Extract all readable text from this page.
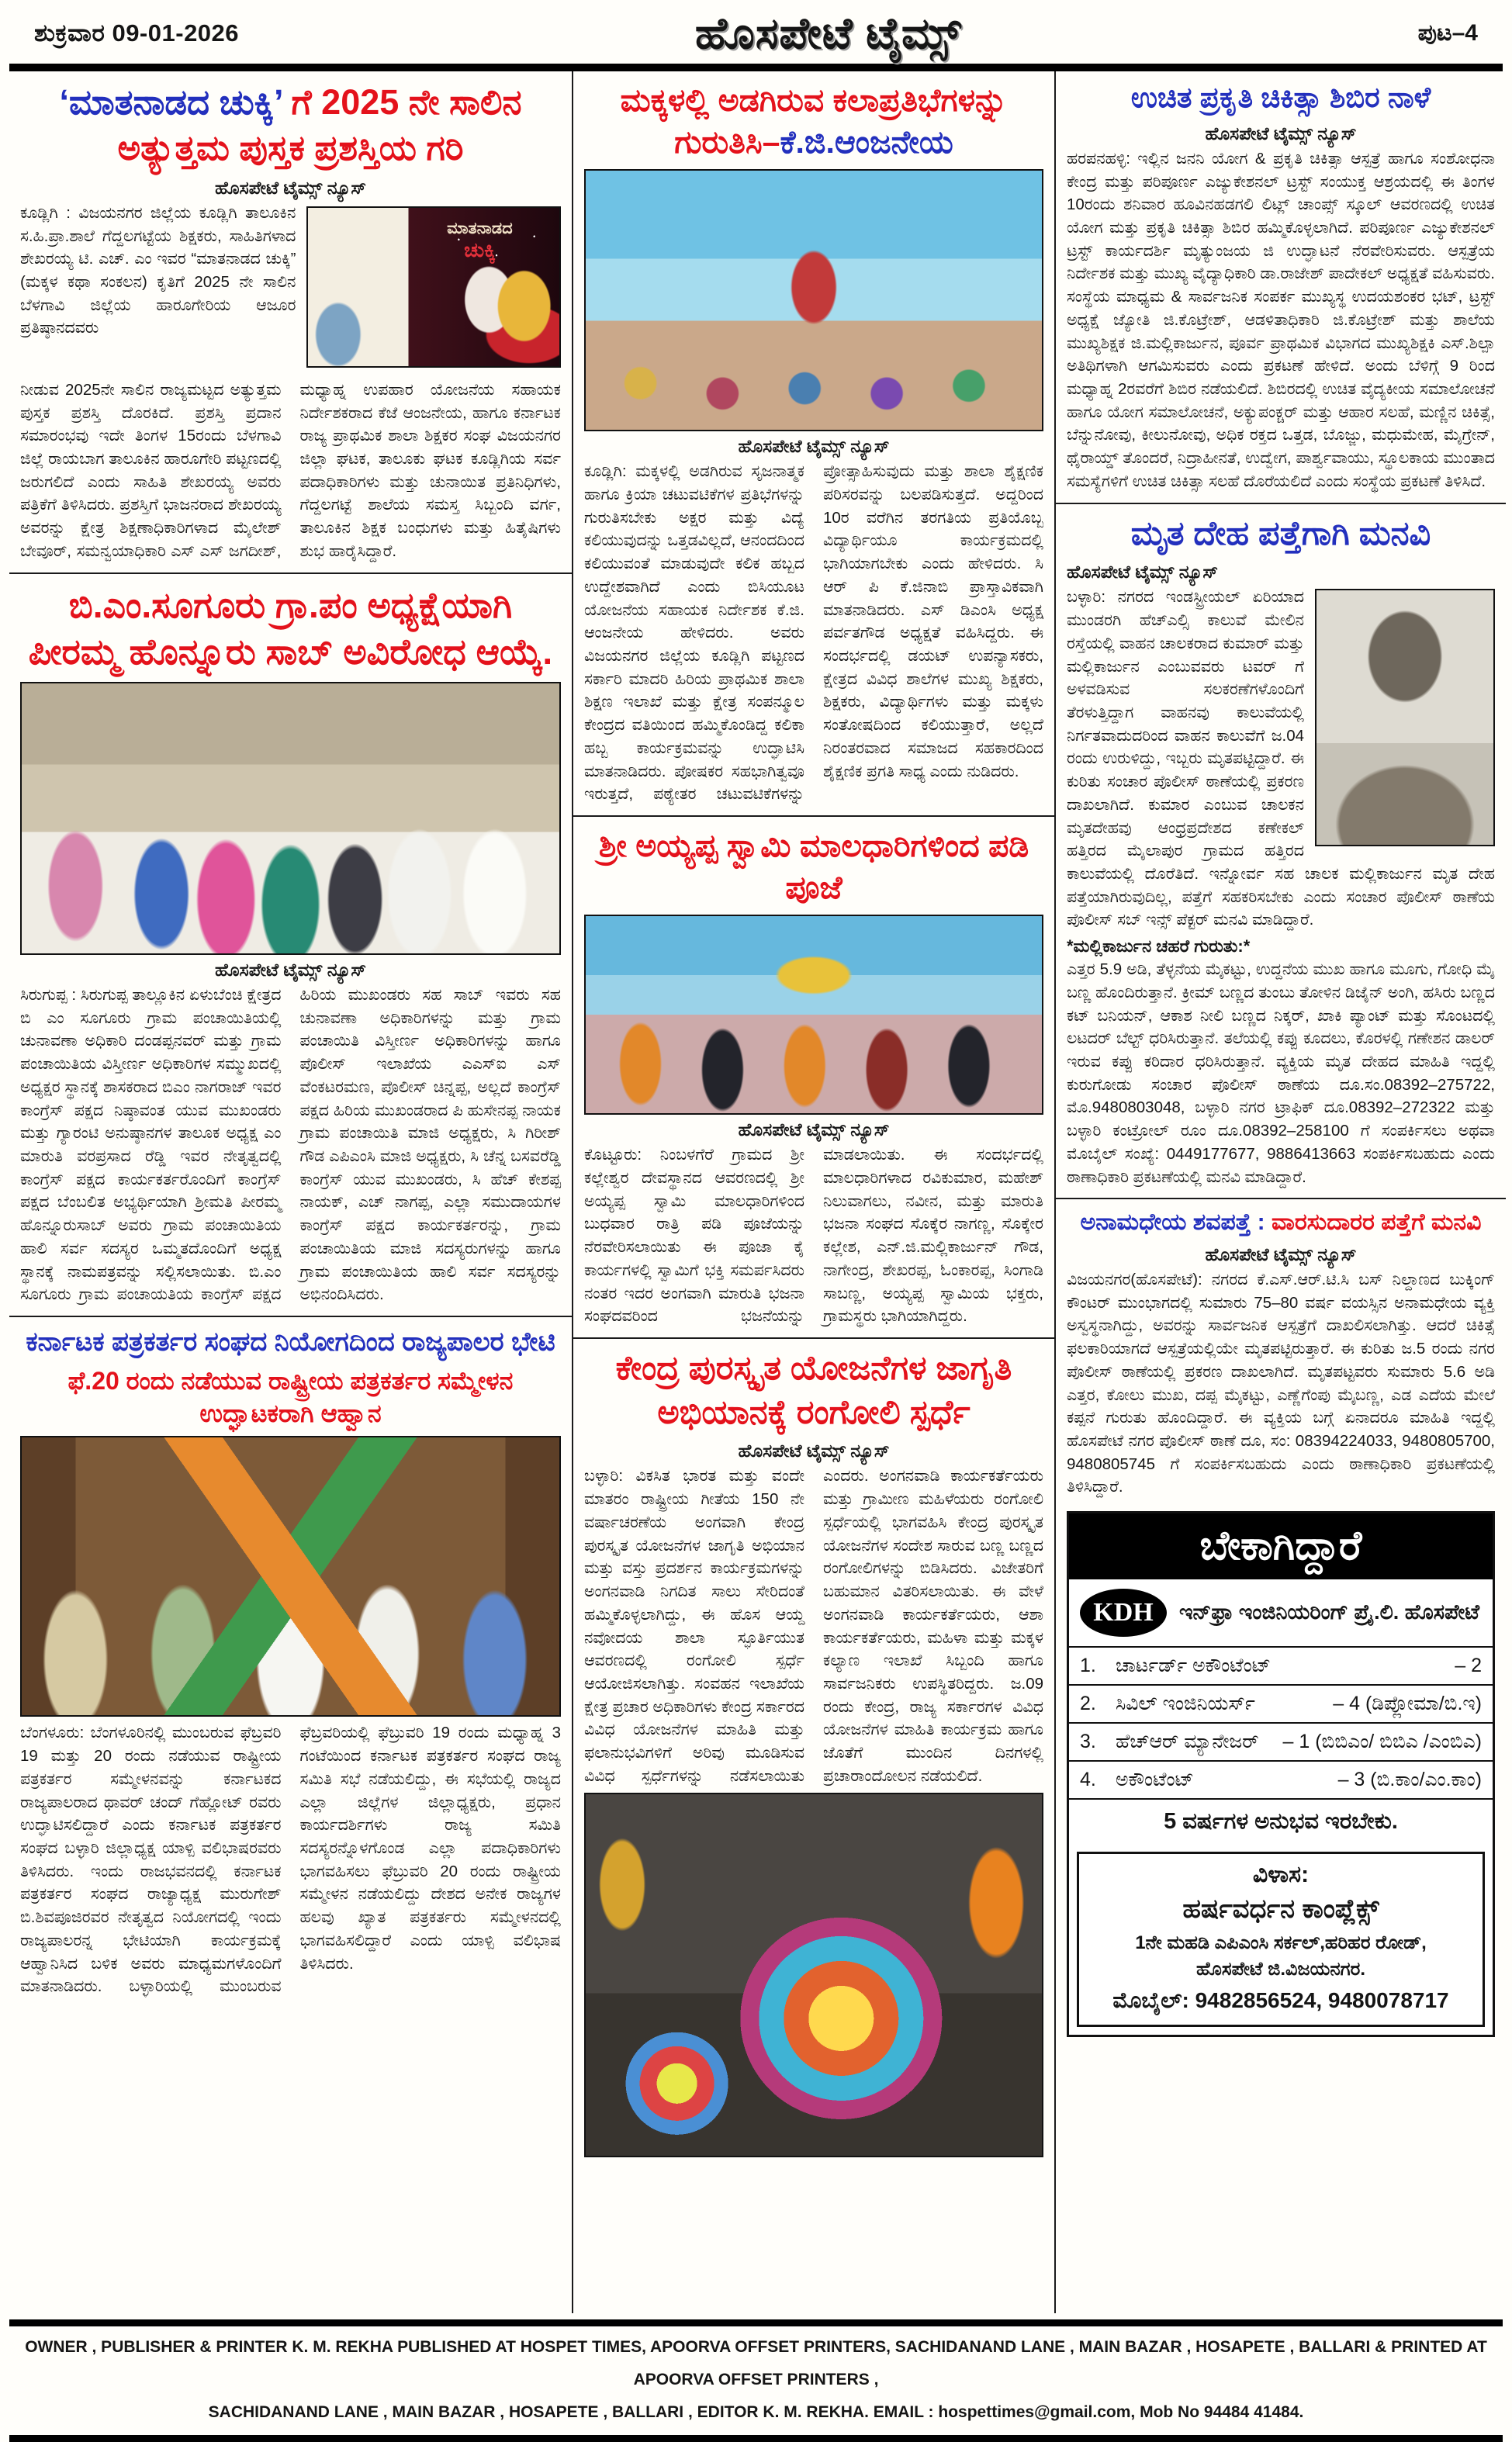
ಶುಕ್ರವಾರ 09-01-2026	ಹೊಸಪೇಟೆ ಟೈಮ್ಸ್	ಪುಟ–4
‘ಮಾತನಾಡದ ಚುಕ್ಕಿ’ ಗೆ 2025 ನೇ ಸಾಲಿನ ಅತ್ಯುತ್ತಮ ಪುಸ್ತಕ ಪ್ರಶಸ್ತಿಯ ಗರಿ
ಹೊಸಪೇಟೆ ಟೈಮ್ಸ್ ನ್ಯೂಸ್
ಕೂಡ್ಲಿಗಿ : ವಿಜಯನಗರ ಜಿಲ್ಲೆಯ ಕೂಡ್ಲಿಗಿ ತಾಲೂಕಿನ ಸ.ಹಿ.ಪ್ರಾ.ಶಾಲೆ ಗೆದ್ದಲಗಟ್ಟೆಯ ಶಿಕ್ಷಕರು, ಸಾಹಿತಿಗಳಾದ ಶೇಖರಯ್ಯ ಟಿ. ಎಚ್. ಎಂ ಇವರ “ಮಾತನಾಡದ ಚುಕ್ಕಿ” (ಮಕ್ಕಳ ಕಥಾ ಸಂಕಲನ) ಕೃತಿಗೆ 2025 ನೇ ಸಾಲಿನ ಬೆಳಗಾವಿ ಜಿಲ್ಲೆಯ ಹಾರೂಗೇರಿಯ ಆಜೂರ ಪ್ರತಿಷ್ಠಾನದವರು
ಮಾತನಾಡದ
ಚುಕ್ಕಿ
ನೀಡುವ 2025ನೇ ಸಾಲಿನ ರಾಜ್ಯಮಟ್ಟದ ಅತ್ಯುತ್ತಮ ಪುಸ್ತಕ ಪ್ರಶಸ್ತಿ ದೊರಕಿದೆ. ಪ್ರಶಸ್ತಿ ಪ್ರದಾನ ಸಮಾರಂಭವು ಇದೇ ತಿಂಗಳ 15ರಂದು ಬೆಳಗಾವಿ ಜಿಲ್ಲೆ ರಾಯಬಾಗ ತಾಲೂಕಿನ ಹಾರೂಗೇರಿ ಪಟ್ಟಣದಲ್ಲಿ ಜರುಗಲಿದೆ ಎಂದು ಸಾಹಿತಿ ಶೇಖರಯ್ಯ ಅವರು ಪತ್ರಿಕೆಗೆ ತಿಳಿಸಿದರು. ಪ್ರಶಸ್ತಿಗೆ ಭಾಜನರಾದ ಶೇಖರಯ್ಯ ಅವರನ್ನು ಕ್ಷೇತ್ರ ಶಿಕ್ಷಣಾಧಿಕಾರಿಗಳಾದ ಮೈಲೇಶ್ ಬೇವೂರ್, ಸಮನ್ವಯಾಧಿಕಾರಿ ಎಸ್ ಎಸ್ ಜಗದೀಶ್, ಮಧ್ಯಾಹ್ನ ಉಪಹಾರ ಯೋಜನೆಯ ಸಹಾಯಕ ನಿರ್ದೇಶಕರಾದ ಕೆಜೆ ಆಂಜನೇಯ, ಹಾಗೂ ಕರ್ನಾಟಕ ರಾಜ್ಯ ಪ್ರಾಥಮಿಕ ಶಾಲಾ ಶಿಕ್ಷಕರ ಸಂಘ ವಿಜಯನಗರ ಜಿಲ್ಲಾ ಘಟಕ, ತಾಲೂಕು ಘಟಕ ಕೂಡ್ಲಿಗಿಯ ಸರ್ವ ಪದಾಧಿಕಾರಿಗಳು ಮತ್ತು ಚುನಾಯಿತ ಪ್ರತಿನಿಧಿಗಳು, ಗೆದ್ದಲಗಟ್ಟೆ ಶಾಲೆಯ ಸಮಸ್ತ ಸಿಬ್ಬಂದಿ ವರ್ಗ, ತಾಲೂಕಿನ ಶಿಕ್ಷಕ ಬಂಧುಗಳು ಮತ್ತು ಹಿತೈಷಿಗಳು ಶುಭ ಹಾರೈಸಿದ್ದಾರೆ.
ಬಿ.ಎಂ.ಸೂಗೂರು ಗ್ರಾ.ಪಂ ಅಧ್ಯಕ್ಷೆಯಾಗಿ ಪೀರಮ್ಮ ಹೊನ್ನೂರು ಸಾಬ್ ಅವಿರೋಧ ಆಯ್ಕೆ.
ಹೊಸಪೇಟೆ ಟೈಮ್ಸ್ ನ್ಯೂಸ್
ಸಿರುಗುಪ್ಪ : ಸಿರುಗುಪ್ಪ ತಾಲ್ಲೂಕಿನ ಏಳುಬೆಂಚಿ ಕ್ಷೇತ್ರದ ಬಿ ಎಂ ಸೂಗೂರು ಗ್ರಾಮ ಪಂಚಾಯಿತಿಯಲ್ಲಿ ಚುನಾವಣಾ ಅಧಿಕಾರಿ ದಂಡಪ್ಪನವರ್ ಮತ್ತು ಗ್ರಾಮ ಪಂಚಾಯಿತಿಯ ವಿಸ್ತೀರ್ಣ ಅಧಿಕಾರಿಗಳ ಸಮ್ಮುಖದಲ್ಲಿ ಅಧ್ಯಕ್ಷರ ಸ್ಥಾನಕ್ಕೆ ಶಾಸಕರಾದ ಬಿಎಂ ನಾಗರಾಜ್ ಇವರ ಕಾಂಗ್ರೆಸ್ ಪಕ್ಷದ ನಿಷ್ಠಾವಂತ ಯುವ ಮುಖಂಡರು ಮತ್ತು ಗ್ಯಾರಂಟಿ ಅನುಷ್ಠಾನಗಳ ತಾಲೂಕ ಅಧ್ಯಕ್ಷ ಎಂ ಮಾರುತಿ ವರಪ್ರಸಾದ ರೆಡ್ಡಿ ಇವರ ನೇತೃತ್ವದಲ್ಲಿ ಕಾಂಗ್ರೆಸ್ ಪಕ್ಷದ ಕಾರ್ಯಕರ್ತರೊಂದಿಗೆ ಕಾಂಗ್ರೆಸ್ ಪಕ್ಷದ ಬೆಂಬಲಿತ ಅಭ್ಯರ್ಥಿಯಾಗಿ ಶ್ರೀಮತಿ ಪೀರಮ್ಮ ಹೊನ್ನೂರುಸಾಬ್ ಅವರು ಗ್ರಾಮ ಪಂಚಾಯಿತಿಯ ಹಾಲಿ ಸರ್ವ ಸದಸ್ಯರ ಒಮ್ಮತದೊಂದಿಗೆ ಅಧ್ಯಕ್ಷ ಸ್ಥಾನಕ್ಕೆ ನಾಮಪತ್ರವನ್ನು ಸಲ್ಲಿಸಲಾಯಿತು. ಬಿ.ಎಂ ಸೂಗೂರು ಗ್ರಾಮ ಪಂಚಾಯತಿಯ ಕಾಂಗ್ರೆಸ್ ಪಕ್ಷದ ಹಿರಿಯ ಮುಖಂಡರು ಸಹ ಸಾಬ್ ಇವರು ಸಹ ಚುನಾವಣಾ ಅಧಿಕಾರಿಗಳನ್ನು ಮತ್ತು ಗ್ರಾಮ ಪಂಚಾಯಿತಿ ವಿಸ್ತೀರ್ಣ ಅಧಿಕಾರಿಗಳನ್ನು ಹಾಗೂ ಪೊಲೀಸ್ ಇಲಾಖೆಯ ಎಎಸ್ಐ ಎಸ್ ವೆಂಕಟರಮಣ, ಪೊಲೀಸ್ ಚಿನ್ನಪ್ಪ, ಅಲ್ಲದೆ ಕಾಂಗ್ರೆಸ್ ಪಕ್ಷದ ಹಿರಿಯ ಮುಖಂಡರಾದ ಪಿ ಹುಸೇನಪ್ಪ ನಾಯಕ ಗ್ರಾಮ ಪಂಚಾಯಿತಿ ಮಾಜಿ ಅಧ್ಯಕ್ಷರು, ಸಿ ಗಿರೀಶ್ ಗೌಡ ಎಪಿಎಂಸಿ ಮಾಜಿ ಅಧ್ಯಕ್ಷರು, ಸಿ ಚೆನ್ನ ಬಸವರೆಡ್ಡಿ ಕಾಂಗ್ರೆಸ್ ಯುವ ಮುಖಂಡರು, ಸಿ ಹೆಚ್ ಕೇಶಪ್ಪ ನಾಯಕ್, ಎಚ್ ನಾಗಪ್ಪ, ಎಲ್ಲಾ ಸಮುದಾಯಗಳ ಕಾಂಗ್ರೆಸ್ ಪಕ್ಷದ ಕಾರ್ಯಕರ್ತರನ್ನು, ಗ್ರಾಮ ಪಂಚಾಯಿತಿಯ ಮಾಜಿ ಸದಸ್ಯರುಗಳನ್ನು ಹಾಗೂ ಗ್ರಾಮ ಪಂಚಾಯಿತಿಯ ಹಾಲಿ ಸರ್ವ ಸದಸ್ಯರನ್ನು ಅಭಿನಂದಿಸಿದರು.
ಕರ್ನಾಟಕ ಪತ್ರಕರ್ತರ ಸಂಘದ ನಿಯೋಗದಿಂದ ರಾಜ್ಯಪಾಲರ ಭೇಟಿ
ಫೆ.20 ರಂದು ನಡೆಯುವ ರಾಷ್ಟ್ರೀಯ ಪತ್ರಕರ್ತರ ಸಮ್ಮೇಳನ ಉದ್ಘಾಟಕರಾಗಿ ಆಹ್ವಾನ
ಬೆಂಗಳೂರು: ಬೆಂಗಳೂರಿನಲ್ಲಿ ಮುಂಬರುವ ಫೆಬ್ರವರಿ 19 ಮತ್ತು 20 ರಂದು ನಡೆಯುವ ರಾಷ್ಟ್ರೀಯ ಪತ್ರಕರ್ತರ ಸಮ್ಮೇಳನವನ್ನು ಕರ್ನಾಟಕದ ರಾಜ್ಯಪಾಲರಾದ ಥಾವರ್ ಚಂದ್ ಗೆಹ್ಲೋಟ್ ರವರು ಉದ್ಘಾಟಿಸಲಿದ್ದಾರೆ ಎಂದು ಕರ್ನಾಟಕ ಪತ್ರಕರ್ತರ ಸಂಘದ ಬಳ್ಳಾರಿ ಜಿಲ್ಲಾಧ್ಯಕ್ಷ ಯಾಳ್ಪಿ ವಲಿಭಾಷರವರು ತಿಳಿಸಿದರು. ಇಂದು ರಾಜಭವನದಲ್ಲಿ ಕರ್ನಾಟಕ ಪತ್ರಕರ್ತರ ಸಂಘದ ರಾಜ್ಯಾಧ್ಯಕ್ಷ ಮುರುಗೇಶ್ ಬಿ.ಶಿವಪೂಜಿರವರ ನೇತೃತ್ವದ ನಿಯೋಗದಲ್ಲಿ ಇಂದು ರಾಜ್ಯಪಾಲರನ್ನ ಭೇಟಿಯಾಗಿ ಕಾರ್ಯಕ್ರಮಕ್ಕೆ ಆಹ್ವಾನಿಸಿದ ಬಳಿಕ ಅವರು ಮಾಧ್ಯಮಗಳೊಂದಿಗೆ ಮಾತನಾಡಿದರು. ಬಳ್ಳಾರಿಯಲ್ಲಿ ಮುಂಬರುವ ಫೆಬ್ರವರಿಯಲ್ಲಿ ಫೆಬ್ರುವರಿ 19 ರಂದು ಮಧ್ಯಾಹ್ನ 3 ಗಂಟೆಯಿಂದ ಕರ್ನಾಟಕ ಪತ್ರಕರ್ತರ ಸಂಘದ ರಾಜ್ಯ ಸಮಿತಿ ಸಭೆ ನಡೆಯಲಿದ್ದು, ಈ ಸಭೆಯಲ್ಲಿ ರಾಜ್ಯದ ಎಲ್ಲಾ ಜಿಲ್ಲೆಗಳ ಜಿಲ್ಲಾಧ್ಯಕ್ಷರು, ಪ್ರಧಾನ ಕಾರ್ಯದರ್ಶಿಗಳು ರಾಜ್ಯ ಸಮಿತಿ ಸದಸ್ಯರನ್ನೊಳಗೊಂಡ ಎಲ್ಲಾ ಪದಾಧಿಕಾರಿಗಳು ಭಾಗವಹಿಸಲು ಫೆಬ್ರುವರಿ 20 ರಂದು ರಾಷ್ಟ್ರೀಯ ಸಮ್ಮೇಳನ ನಡೆಯಲಿದ್ದು ದೇಶದ ಅನೇಕ ರಾಜ್ಯಗಳ ಹಲವು ಖ್ಯಾತ ಪತ್ರಕರ್ತರು ಸಮ್ಮೇಳನದಲ್ಲಿ ಭಾಗವಹಿಸಲಿದ್ದಾರೆ ಎಂದು ಯಾಳ್ಪಿ ವಲಿಭಾಷ ತಿಳಿಸಿದರು.
ಮಕ್ಕಳಲ್ಲಿ ಅಡಗಿರುವ ಕಲಾಪ್ರತಿಭೆಗಳನ್ನು ಗುರುತಿಸಿ–ಕೆ.ಜಿ.ಆಂಜನೇಯ
ಹೊಸಪೇಟೆ ಟೈಮ್ಸ್ ನ್ಯೂಸ್
ಕೂಡ್ಲಿಗಿ: ಮಕ್ಕಳಲ್ಲಿ ಅಡಗಿರುವ ಸೃಜನಾತ್ಮಕ ಹಾಗೂ ಕ್ರಿಯಾ ಚಟುವಟಿಕೆಗಳ ಪ್ರತಿಭೆಗಳನ್ನು ಗುರುತಿಸಬೇಕು ಅಕ್ಷರ ಮತ್ತು ವಿದ್ಯೆ ಕಲಿಯುವುದನ್ನು ಒತ್ತಡವಿಲ್ಲದೆ, ಆನಂದದಿಂದ ಕಲಿಯುವಂತೆ ಮಾಡುವುದೇ ಕಲಿಕ ಹಬ್ಬದ ಉದ್ದೇಶವಾಗಿದೆ ಎಂದು ಬಿಸಿಯೂಟ ಯೋಜನೆಯ ಸಹಾಯಕ ನಿರ್ದೇಶಕ ಕೆ.ಜಿ. ಆಂಜನೇಯ ಹೇಳಿದರು. ಅವರು ವಿಜಯನಗರ ಜಿಲ್ಲೆಯ ಕೂಡ್ಲಿಗಿ ಪಟ್ಟಣದ ಸರ್ಕಾರಿ ಮಾದರಿ ಹಿರಿಯ ಪ್ರಾಥಮಿಕ ಶಾಲಾ ಶಿಕ್ಷಣ ಇಲಾಖೆ ಮತ್ತು ಕ್ಷೇತ್ರ ಸಂಪನ್ಮೂಲ ಕೇಂದ್ರದ ವತಿಯಿಂದ ಹಮ್ಮಿಕೊಂಡಿದ್ದ ಕಲಿಕಾ ಹಬ್ಬ ಕಾರ್ಯಕ್ರಮವನ್ನು ಉದ್ಘಾಟಿಸಿ ಮಾತನಾಡಿದರು. ಪೋಷಕರ ಸಹಭಾಗಿತ್ವವೂ ಇರುತ್ತದೆ, ಪಠ್ಯೇತರ ಚಟುವಟಿಕೆಗಳನ್ನು ಪ್ರೋತ್ಸಾಹಿಸುವುದು ಮತ್ತು ಶಾಲಾ ಶೈಕ್ಷಣಿಕ ಪರಿಸರವನ್ನು ಬಲಪಡಿಸುತ್ತದೆ. ಅದ್ದರಿಂದ 10ರ ವರೆಗಿನ ತರಗತಿಯ ಪ್ರತಿಯೊಬ್ಬ ವಿದ್ಯಾರ್ಥಿಯೂ ಕಾರ್ಯಕ್ರಮದಲ್ಲಿ ಭಾಗಿಯಾಗಬೇಕು ಎಂದು ಹೇಳಿದರು. ಸಿ ಆರ್ ಪಿ ಕೆ.ಜಿನಾಬಿ ಪ್ರಾಸ್ತಾವಿಕವಾಗಿ ಮಾತನಾಡಿದರು. ಎಸ್ ಡಿಎಂಸಿ ಅಧ್ಯಕ್ಷ ಪರ್ವತಗೌಡ ಅಧ್ಯಕ್ಷತೆ ವಹಿಸಿದ್ದರು. ಈ ಸಂದರ್ಭದಲ್ಲಿ ಡಯಟ್ ಉಪನ್ಯಾಸಕರು, ಕ್ಷೇತ್ರದ ವಿವಿಧ ಶಾಲೆಗಳ ಮುಖ್ಯ ಶಿಕ್ಷಕರು, ಶಿಕ್ಷಕರು, ವಿದ್ಯಾರ್ಥಿಗಳು ಮತ್ತು ಮಕ್ಕಳು ಸಂತೋಷದಿಂದ ಕಲಿಯುತ್ತಾರೆ, ಅಲ್ಲದೆ ನಿರಂತರವಾದ ಸಮಾಜದ ಸಹಕಾರದಿಂದ ಶೈಕ್ಷಣಿಕ ಪ್ರಗತಿ ಸಾಧ್ಯ ಎಂದು ನುಡಿದರು.
ಶ್ರೀ ಅಯ್ಯಪ್ಪ ಸ್ವಾಮಿ ಮಾಲಧಾರಿಗಳಿಂದ ಪಡಿ ಪೂಜೆ
ಹೊಸಪೇಟೆ ಟೈಮ್ಸ್ ನ್ಯೂಸ್
ಕೊಟ್ಟೂರು: ನಿಂಬಳಗೆರೆ ಗ್ರಾಮದ ಶ್ರೀ ಕಲ್ಲೇಶ್ವರ ದೇವಸ್ಥಾನದ ಆವರಣದಲ್ಲಿ ಶ್ರೀ ಅಯ್ಯಪ್ಪ ಸ್ವಾಮಿ ಮಾಲಧಾರಿಗಳಿಂದ ಬುಧವಾರ ರಾತ್ರಿ ಪಡಿ ಪೂಜೆಯನ್ನು ನೆರವೇರಿಸಲಾಯಿತು ಈ ಪೂಜಾ ಕೈ ಕಾರ್ಯಗಳಲ್ಲಿ ಸ್ವಾಮಿಗೆ ಭಕ್ತಿ ಸಮರ್ಪಸಿದರು ನಂತರ ಇದರ ಅಂಗವಾಗಿ ಮಾರುತಿ ಭಜನಾ ಸಂಘದವರಿಂದ ಭಜನೆಯನ್ನು ಮಾಡಲಾಯಿತು. ಈ ಸಂದರ್ಭದಲ್ಲಿ ಮಾಲಧಾರಿಗಳಾದ ರವಿಕುಮಾರ, ಮಹೇಶ್ ನಿಲುವಾಗಲು, ನವೀನ, ಮತ್ತು ಮಾರುತಿ ಭಜನಾ ಸಂಘದ ಸೊಕ್ಕೆರ ನಾಗಣ್ಣ, ಸೊಕ್ಕೇರ ಕಲ್ಲೇಶ, ಎನ್.ಜಿ.ಮಲ್ಲಿಕಾರ್ಜುನ್ ಗೌಡ, ನಾಗೇಂದ್ರ, ಶೇಖರಪ್ಪ, ಓಂಕಾರಪ್ಪ, ಸಿಂಗಾಡಿ ಸಾಬಣ್ಣ, ಅಯ್ಯಪ್ಪ ಸ್ವಾಮಿಯ ಭಕ್ತರು, ಗ್ರಾಮಸ್ಥರು ಭಾಗಿಯಾಗಿದ್ದರು.
ಕೇಂದ್ರ ಪುರಸ್ಕೃತ ಯೋಜನೆಗಳ ಜಾಗೃತಿ ಅಭಿಯಾನಕ್ಕೆ ರಂಗೋಲಿ ಸ್ಪರ್ಧೆ
ಹೊಸಪೇಟೆ ಟೈಮ್ಸ್ ನ್ಯೂಸ್
ಬಳ್ಳಾರಿ: ವಿಕಸಿತ ಭಾರತ ಮತ್ತು ವಂದೇ ಮಾತರಂ ರಾಷ್ಟ್ರೀಯ ಗೀತೆಯ 150 ನೇ ವರ್ಷಾಚರಣೆಯ ಅಂಗವಾಗಿ ಕೇಂದ್ರ ಪುರಸ್ಕೃತ ಯೋಜನೆಗಳ ಜಾಗೃತಿ ಅಭಿಯಾನ ಮತ್ತು ವಸ್ತು ಪ್ರದರ್ಶನ ಕಾರ್ಯಕ್ರಮಗಳನ್ನು ಅಂಗನವಾಡಿ ನಿಗದಿತ ಸಾಲು ಸೇರಿದಂತೆ ಹಮ್ಮಿಕೊಳ್ಳಲಾಗಿದ್ದು, ಈ ಹೊಸ ಆಯ್ದ ನವೋದಯ ಶಾಲಾ ಸ್ಫೂರ್ತಿಯುತ ಆವರಣದಲ್ಲಿ ರಂಗೋಲಿ ಸ್ಪರ್ಧೆ ಆಯೋಜಿಸಲಾಗಿತ್ತು. ಸಂವಹನ ಇಲಾಖೆಯ ಕ್ಷೇತ್ರ ಪ್ರಚಾರ ಅಧಿಕಾರಿಗಳು ಕೇಂದ್ರ ಸರ್ಕಾರದ ವಿವಿಧ ಯೋಜನೆಗಳ ಮಾಹಿತಿ ಮತ್ತು ಫಲಾನುಭವಿಗಳಿಗೆ ಅರಿವು ಮೂಡಿಸುವ ವಿವಿಧ ಸ್ಪರ್ಧೆಗಳನ್ನು ನಡೆಸಲಾಯಿತು ಎಂದರು. ಅಂಗನವಾಡಿ ಕಾರ್ಯಕರ್ತೆಯರು ಮತ್ತು ಗ್ರಾಮೀಣ ಮಹಿಳೆಯರು ರಂಗೋಲಿ ಸ್ಪರ್ಧೆಯಲ್ಲಿ ಭಾಗವಹಿಸಿ ಕೇಂದ್ರ ಪುರಸ್ಕೃತ ಯೋಜನೆಗಳ ಸಂದೇಶ ಸಾರುವ ಬಣ್ಣ ಬಣ್ಣದ ರಂಗೋಲಿಗಳನ್ನು ಬಿಡಿಸಿದರು. ವಿಜೇತರಿಗೆ ಬಹುಮಾನ ವಿತರಿಸಲಾಯಿತು. ಈ ವೇಳೆ ಅಂಗನವಾಡಿ ಕಾರ್ಯಕರ್ತೆಯರು, ಆಶಾ ಕಾರ್ಯಕರ್ತೆಯರು, ಮಹಿಳಾ ಮತ್ತು ಮಕ್ಕಳ ಕಲ್ಯಾಣ ಇಲಾಖೆ ಸಿಬ್ಬಂದಿ ಹಾಗೂ ಸಾರ್ವಜನಿಕರು ಉಪಸ್ಥಿತರಿದ್ದರು. ಜ.09 ರಂದು ಕೇಂದ್ರ, ರಾಜ್ಯ ಸರ್ಕಾರಗಳ ವಿವಿಧ ಯೋಜನೆಗಳ ಮಾಹಿತಿ ಕಾರ್ಯಕ್ರಮ ಹಾಗೂ ಜೊತೆಗೆ ಮುಂದಿನ ದಿನಗಳಲ್ಲಿ ಪ್ರಚಾರಾಂದೋಲನ ನಡೆಯಲಿದೆ.
ಉಚಿತ ಪ್ರಕೃತಿ ಚಿಕಿತ್ಸಾ ಶಿಬಿರ ನಾಳೆ
ಹೊಸಪೇಟೆ ಟೈಮ್ಸ್ ನ್ಯೂಸ್
ಹರಪನಹಳ್ಳಿ: ಇಲ್ಲಿನ ಜನನಿ ಯೋಗ & ಪ್ರಕೃತಿ ಚಿಕಿತ್ಸಾ ಆಸ್ಪತ್ರೆ ಹಾಗೂ ಸಂಶೋಧನಾ ಕೇಂದ್ರ ಮತ್ತು ಪರಿಪೂರ್ಣ ಎಜ್ಯುಕೇಶನಲ್ ಟ್ರಸ್ಟ್ ಸಂಯುಕ್ತ ಆಶ್ರಯದಲ್ಲಿ ಈ ತಿಂಗಳ 10ರಂದು ಶನಿವಾರ ಹೂವಿನಹಡಗಲಿ ಲಿಟ್ಲ್ ಚಾಂಪ್ಸ್ ಸ್ಕೂಲ್ ಆವರಣದಲ್ಲಿ ಉಚಿತ ಯೋಗ ಮತ್ತು ಪ್ರಕೃತಿ ಚಿಕಿತ್ಸಾ ಶಿಬಿರ ಹಮ್ಮಿಕೊಳ್ಳಲಾಗಿದೆ. ಪರಿಪೂರ್ಣ ಎಜ್ಯುಕೇಶನಲ್ ಟ್ರಸ್ಟ್ ಕಾರ್ಯದರ್ಶಿ ಮೃತ್ಯುಂಜಯ ಜಿ ಉದ್ಘಾಟನೆ ನೆರವೇರಿಸುವರು. ಆಸ್ಪತ್ರೆಯ ನಿರ್ದೇಶಕ ಮತ್ತು ಮುಖ್ಯ ವೈದ್ಯಾಧಿಕಾರಿ ಡಾ.ರಾಜೇಶ್ ಪಾದೇಕಲ್ ಅಧ್ಯಕ್ಷತೆ ವಹಿಸುವರು. ಸಂಸ್ಥೆಯ ಮಾಧ್ಯಮ & ಸಾರ್ವಜನಿಕ ಸಂಪರ್ಕ ಮುಖ್ಯಸ್ಥ ಉದಯಶಂಕರ ಭಟ್, ಟ್ರಸ್ಟ್ ಅಧ್ಯಕ್ಷೆ ಜ್ಯೋತಿ ಜಿ.ಕೊಟ್ರೇಶ್, ಆಡಳಿತಾಧಿಕಾರಿ ಜಿ.ಕೊಟ್ರೇಶ್ ಮತ್ತು ಶಾಲೆಯ ಮುಖ್ಯಶಿಕ್ಷಕ ಜಿ.ಮಲ್ಲಿಕಾರ್ಜುನ, ಪೂರ್ವ ಪ್ರಾಥಮಿಕ ವಿಭಾಗದ ಮುಖ್ಯಶಿಕ್ಷಕಿ ಎಸ್.ಶಿಲ್ಪಾ ಅತಿಥಿಗಳಾಗಿ ಆಗಮಿಸುವರು ಎಂದು ಪ್ರಕಟಣೆ ಹೇಳಿದೆ. ಅಂದು ಬೆಳಿಗ್ಗೆ 9 ರಿಂದ ಮಧ್ಯಾಹ್ನ 2ರವರೆಗೆ ಶಿಬಿರ ನಡೆಯಲಿದೆ. ಶಿಬಿರದಲ್ಲಿ ಉಚಿತ ವೈದ್ಯಕೀಯ ಸಮಾಲೋಚನೆ ಹಾಗೂ ಯೋಗ ಸಮಾಲೋಚನೆ, ಅಕ್ಯುಪಂಕ್ಚರ್ ಮತ್ತು ಆಹಾರ ಸಲಹೆ, ಮಣ್ಣಿನ ಚಿಕಿತ್ಸೆ, ಬೆನ್ನುನೋವು, ಕೀಲುನೋವು, ಅಧಿಕ ರಕ್ತದ ಒತ್ತಡ, ಬೊಜ್ಜು, ಮಧುಮೇಹ, ಮೈಗ್ರೇನ್, ಥೈರಾಯ್ಡ್ ತೊಂದರೆ, ನಿದ್ರಾಹೀನತೆ, ಉದ್ವೇಗ, ಪಾರ್ಶ್ವವಾಯು, ಸ್ಥೂಲಕಾಯ ಮುಂತಾದ ಸಮಸ್ಯೆಗಳಿಗೆ ಉಚಿತ ಚಿಕಿತ್ಸಾ ಸಲಹೆ ದೊರೆಯಲಿದೆ ಎಂದು ಸಂಸ್ಥೆಯ ಪ್ರಕಟಣೆ ತಿಳಿಸಿದೆ.
ಮೃತ ದೇಹ ಪತ್ತೆಗಾಗಿ ಮನವಿ
ಹೊಸಪೇಟೆ ಟೈಮ್ಸ್ ನ್ಯೂಸ್
ಬಳ್ಳಾರಿ: ನಗರದ ಇಂಡಸ್ಟ್ರೀಯಲ್ ಏರಿಯಾದ ಮುಂಡರಗಿ ಹೆಚ್ಎಲ್ಸಿ ಕಾಲುವೆ ಮೇಲಿನ ರಸ್ತೆಯಲ್ಲಿ ವಾಹನ ಚಾಲಕರಾದ ಕುಮಾರ್ ಮತ್ತು ಮಲ್ಲಿಕಾರ್ಜುನ ಎಂಬುವವರು ಟವರ್ ಗೆ ಅಳವಡಿಸುವ ಸಲಕರಣೆಗಳೊಂದಿಗೆ ತೆರಳುತ್ತಿದ್ದಾಗ ವಾಹನವು ಕಾಲುವೆಯಲ್ಲಿ ನಿರ್ಗತವಾದುದರಿಂದ ವಾಹನ ಕಾಲುವೆಗೆ ಜ.04 ರಂದು ಉರುಳಿದ್ದು, ಇಬ್ಬರು ಮೃತಪಟ್ಟಿದ್ದಾರೆ. ಈ ಕುರಿತು ಸಂಚಾರ ಪೊಲೀಸ್ ಠಾಣೆಯಲ್ಲಿ ಪ್ರಕರಣ ದಾಖಲಾಗಿದೆ. ಕುಮಾರ ಎಂಬುವ ಚಾಲಕನ ಮೃತದೇಹವು ಆಂಧ್ರಪ್ರದೇಶದ ಕಣೇಕಲ್ ಹತ್ತಿರದ ಮೈಲಾಪುರ ಗ್ರಾಮದ ಹತ್ತಿರದ ಕಾಲುವೆಯಲ್ಲಿ ದೊರೆತಿದೆ. ಇನ್ನೋರ್ವ ಸಹ ಚಾಲಕ ಮಲ್ಲಿಕಾರ್ಜುನ ಮೃತ ದೇಹ ಪತ್ತೆಯಾಗಿರುವುದಿಲ್ಲ, ಪತ್ತೆಗೆ ಸಹಕರಿಸಬೇಕು ಎಂದು ಸಂಚಾರ ಪೊಲೀಸ್ ಠಾಣೆಯ ಪೊಲೀಸ್ ಸಬ್ ಇನ್ಸ್ ಪೆಕ್ಟರ್ ಮನವಿ ಮಾಡಿದ್ದಾರೆ.
*ಮಲ್ಲಿಕಾರ್ಜುನ ಚಹರೆ ಗುರುತು:*
ಎತ್ತರ 5.9 ಅಡಿ, ತೆಳ್ಳನೆಯ ಮೈಕಟ್ಟು, ಉದ್ದನೆಯ ಮುಖ ಹಾಗೂ ಮೂಗು, ಗೋಧಿ ಮೈ ಬಣ್ಣ ಹೊಂದಿರುತ್ತಾನೆ. ಕ್ರೀಮ್ ಬಣ್ಣದ ತುಂಬು ತೋಳಿನ ಡಿಜೈನ್ ಅಂಗಿ, ಹಸಿರು ಬಣ್ಣದ ಕಟ್ ಬನಿಯನ್, ಆಕಾಶ ನೀಲಿ ಬಣ್ಣದ ನಿಕ್ಕರ್, ಖಾಕಿ ಪ್ಯಾಂಟ್ ಮತ್ತು ಸೊಂಟದಲ್ಲಿ ಲಟದರ್ ಬೆಲ್ಟ್ ಧರಿಸಿರುತ್ತಾನೆ. ತಲೆಯಲ್ಲಿ ಕಪ್ಪು ಕೂದಲು, ಕೊರಳಲ್ಲಿ ಗಣೇಶನ ಡಾಲರ್ ಇರುವ ಕಪ್ಪು ಕರಿದಾರ ಧರಿಸಿರುತ್ತಾನೆ. ವ್ಯಕ್ತಿಯ ಮೃತ ದೇಹದ ಮಾಹಿತಿ ಇದ್ದಲ್ಲಿ ಕುರುಗೋಡು ಸಂಚಾರ ಪೊಲೀಸ್ ಠಾಣೆಯ ದೂ.ಸಂ.08392–275722, ಮೊ.9480803048, ಬಳ್ಳಾರಿ ನಗರ ಟ್ರಾಫಿಕ್ ದೂ.08392–272322 ಮತ್ತು ಬಳ್ಳಾರಿ ಕಂಟ್ರೋಲ್ ರೂಂ ದೂ.08392–258100 ಗೆ ಸಂಪರ್ಕಿಸಲು ಅಥವಾ ಮೊಬೈಲ್ ಸಂಖ್ಯೆ: 0449177677, 9886413663 ಸಂಪರ್ಕಿಸಬಹುದು ಎಂದು ಠಾಣಾಧಿಕಾರಿ ಪ್ರಕಟಣೆಯಲ್ಲಿ ಮನವಿ ಮಾಡಿದ್ದಾರೆ.
ಅನಾಮಧೇಯ ಶವಪತ್ತೆ : ವಾರಸುದಾರರ ಪತ್ತೆಗೆ ಮನವಿ
ಹೊಸಪೇಟೆ ಟೈಮ್ಸ್ ನ್ಯೂಸ್
ವಿಜಯನಗರ(ಹೊಸಪೇಟೆ): ನಗರದ ಕೆ.ಎಸ್.ಆರ್.ಟಿ.ಸಿ ಬಸ್ ನಿಲ್ದಾಣದ ಬುಕ್ಕಿಂಗ್ ಕೌಂಟರ್ ಮುಂಭಾಗದಲ್ಲಿ ಸುಮಾರು 75–80 ವರ್ಷ ವಯಸ್ಸಿನ ಅನಾಮಧೇಯ ವ್ಯಕ್ತಿ ಅಸ್ವಸ್ಥನಾಗಿದ್ದು, ಅವರನ್ನು ಸಾರ್ವಜನಿಕ ಆಸ್ಪತ್ರೆಗೆ ದಾಖಲಿಸಲಾಗಿತ್ತು. ಆದರೆ ಚಿಕಿತ್ಸೆ ಫಲಕಾರಿಯಾಗದೆ ಆಸ್ಪತ್ರೆಯಲ್ಲಿಯೇ ಮೃತಪಟ್ಟಿರುತ್ತಾರೆ. ಈ ಕುರಿತು ಜ.5 ರಂದು ನಗರ ಪೊಲೀಸ್ ಠಾಣೆಯಲ್ಲಿ ಪ್ರಕರಣ ದಾಖಲಾಗಿದೆ. ಮೃತಪಟ್ಟವರು ಸುಮಾರು 5.6 ಅಡಿ ಎತ್ತರ, ಕೋಲು ಮುಖ, ದಪ್ಪ ಮೈಕಟ್ಟು, ಎಣ್ಣೆಗೆಂಪು ಮೈಬಣ್ಣ, ಎಡ ಎದೆಯ ಮೇಲೆ ಕಪ್ಪನೆ ಗುರುತು ಹೊಂದಿದ್ದಾರೆ. ಈ ವ್ಯಕ್ತಿಯ ಬಗ್ಗೆ ಏನಾದರೂ ಮಾಹಿತಿ ಇದ್ದಲ್ಲಿ ಹೊಸಪೇಟೆ ನಗರ ಪೊಲೀಸ್ ಠಾಣೆ ದೂ, ಸಂ: 08394224033, 9480805700, 9480805745 ಗೆ ಸಂಪರ್ಕಿಸಬಹುದು ಎಂದು ಠಾಣಾಧಿಕಾರಿ ಪ್ರಕಟಣೆಯಲ್ಲಿ ತಿಳಿಸಿದ್ದಾರೆ.
ಬೇಕಾಗಿದ್ದಾರೆ
KDH	ಇನ್‌ಫ್ರಾ ಇಂಜಿನಿಯರಿಂಗ್ ಪ್ರೈ.ಲಿ. ಹೊಸಪೇಟೆ
1.	ಚಾರ್ಟರ್ಡ್ ಅಕೌಂಟೆಂಟ್	– 2
2.	ಸಿವಿಲ್ ಇಂಜಿನಿಯರ್ಸ್	– 4 (ಡಿಪ್ಲೋಮಾ/ಬಿ.ಇ)
3.	ಹೆಚ್‌ಆರ್ ಮ್ಯಾನೇಜರ್	– 1 (ಬಿಬಿಎಂ/ ಬಿಬಿಎ /ಎಂಬಿಎ)
4.	ಅಕೌಂಟೆಂಟ್	– 3 (ಬಿ.ಕಾಂ/ಎಂ.ಕಾಂ)
5 ವರ್ಷಗಳ ಅನುಭವ ಇರಬೇಕು.
ವಿಳಾಸ:
ಹರ್ಷವರ್ಧನ ಕಾಂಪ್ಲೆಕ್ಸ್
1ನೇ ಮಹಡಿ ಎಪಿಎಂಸಿ ಸರ್ಕಲ್,ಹರಿಹರ ರೋಡ್,
ಹೊಸಪೇಟೆ ಜಿ.ವಿಜಯನಗರ.
ಮೊಬೈಲ್: 9482856524, 9480078717
OWNER , PUBLISHER & PRINTER K. M. REKHA PUBLISHED AT HOSPET TIMES, APOORVA OFFSET PRINTERS, SACHIDANAND LANE , MAIN BAZAR , HOSAPETE , BALLARI & PRINTED AT APOORVA OFFSET PRINTERS ,
SACHIDANAND LANE , MAIN BAZAR , HOSAPETE , BALLARI , EDITOR K. M. REKHA. EMAIL : hospettimes@gmail.com, Mob No 94484 41484.
